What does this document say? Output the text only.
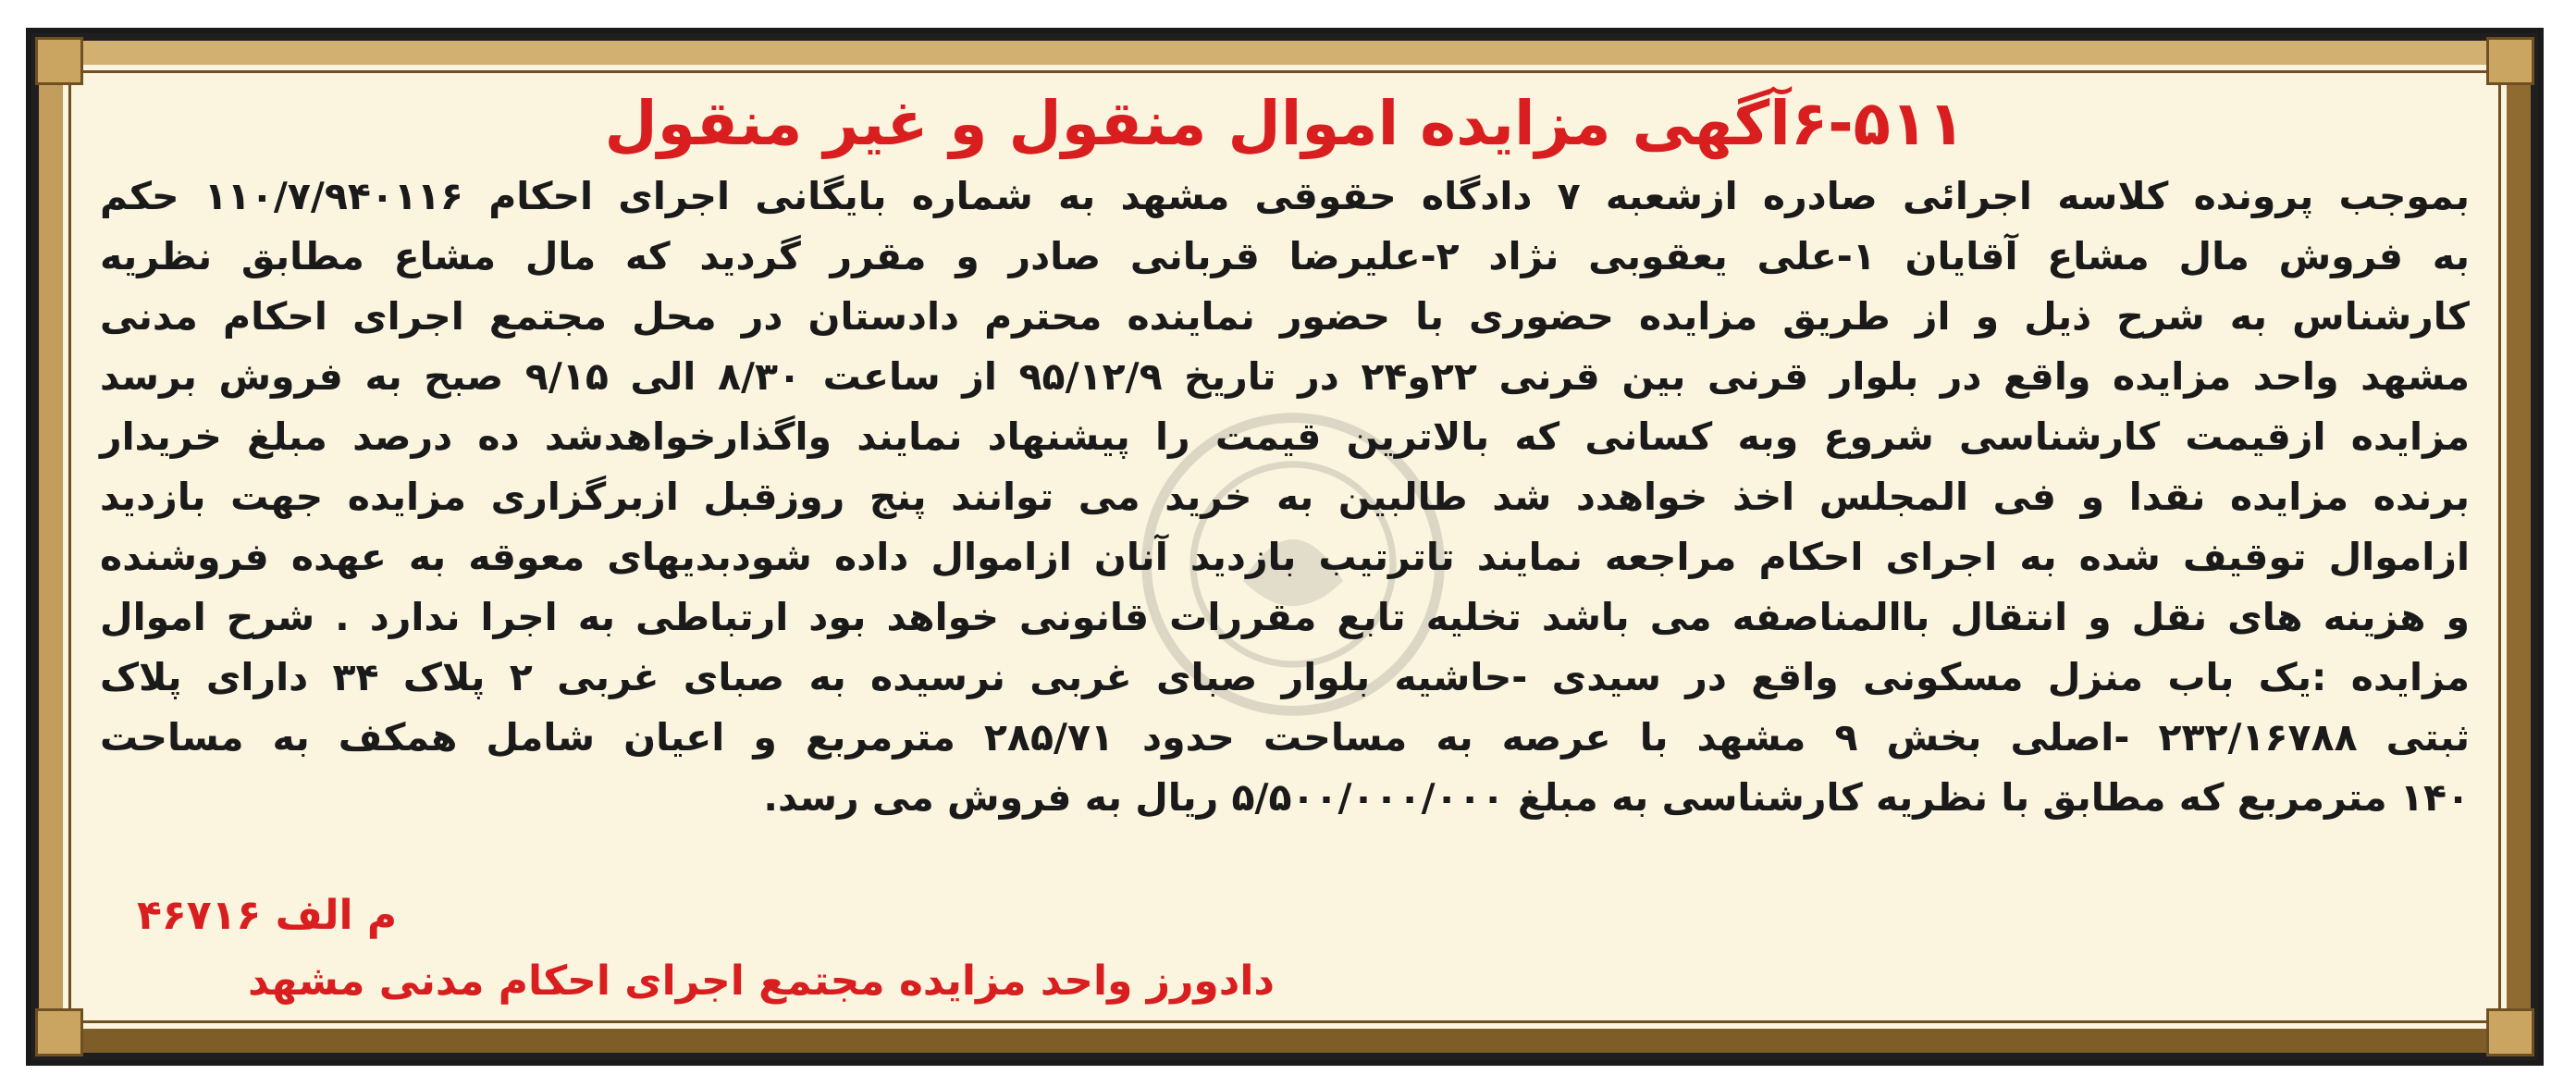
۶-۵۱۱آگهی مزایده اموال منقول و غیر منقول
بموجب پرونده کلاسه اجرائی صادره ازشعبه ۷ دادگاه حقوقی مشهد به شماره بایگانی اجرای احکام ۱۱۰/۷/۹۴۰۱۱۶ حکم
به فروش مال مشاع آقایان ۱-علی یعقوبی نژاد ۲-علیرضا قربانی صادر و مقرر گردید که مال مشاع مطابق نظریه
کارشناس به شرح ذیل و از طریق مزایده حضوری با حضور نماینده محترم دادستان در محل مجتمع اجرای احکام مدنی
مشهد واحد مزایده واقع در بلوار قرنی بین قرنی ۲۲و۲۴ در تاریخ ۹۵/۱۲/۹ از ساعت ۸/۳۰ الی ۹/۱۵ صبح به فروش برسد
مزایده ازقیمت کارشناسی شروع وبه کسانی که بالاترین قیمت را پیشنهاد نمایند واگذارخواهدشد ده درصد مبلغ خریدار
برنده مزایده نقدا و فی المجلس اخذ خواهدد شد طالبین به خرید می توانند پنج روزقبل ازبرگزاری مزایده جهت بازدید
ازاموال توقیف شده به اجرای احکام مراجعه نمایند تاترتیب بازدید آنان ازاموال داده شودبدیهای معوقه به عهده فروشنده
و هزینه های نقل و انتقال باالمناصفه می باشد تخلیه تابع مقررات قانونی خواهد بود ارتباطی به اجرا ندارد . شرح اموال
مزایده :یک باب منزل مسکونی واقع در سیدی -حاشیه بلوار صبای غربی نرسیده به صبای غربی ۲ پلاک ۳۴ دارای پلاک
ثبتی ۲۳۲/۱۶۷۸۸ -اصلی بخش ۹ مشهد با عرصه به مساحت حدود ۲۸۵/۷۱ مترمربع و اعیان شامل همکف به مساحت
۱۴۰ مترمربع که مطابق با نظریه کارشناسی به مبلغ ۵/۵۰۰/۰۰۰/۰۰۰ ریال به فروش می رسد.
م الف ۴۶۷۱۶
دادورز واحد مزایده مجتمع اجرای احکام مدنی مشهد
